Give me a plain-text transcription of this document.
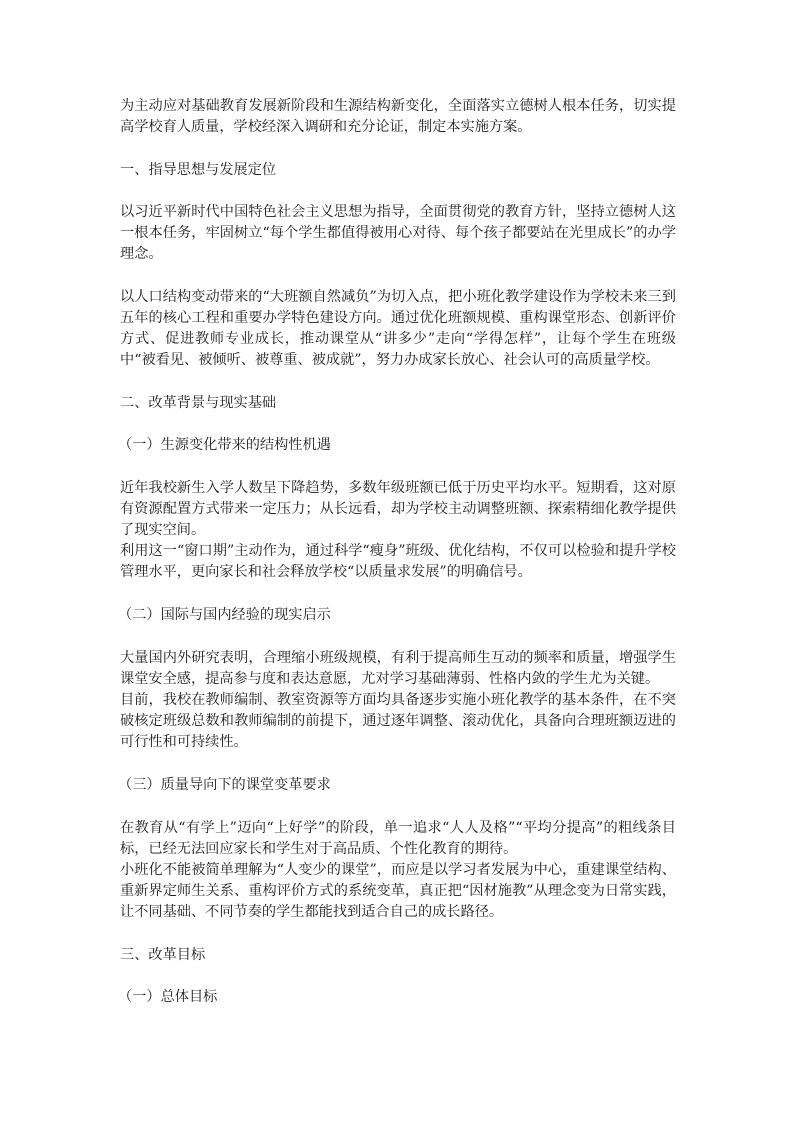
为主动应对基础教育发展新阶段和生源结构新变化，全面落实立德树人根本任务，切实提高学校育人质量，学校经深入调研和充分论证，制定本实施方案。

一、指导思想与发展定位

以习近平新时代中国特色社会主义思想为指导，全面贯彻党的教育方针，坚持立德树人这一根本任务，牢固树立“每个学生都值得被用心对待、每个孩子都要站在光里成长”的办学理念。

以人口结构变动带来的“大班额自然减负”为切入点，把小班化教学建设作为学校未来三到五年的核心工程和重要办学特色建设方向。通过优化班额规模、重构课堂形态、创新评价方式、促进教师专业成长，推动课堂从“讲多少”走向“学得怎样”，让每个学生在班级中“被看见、被倾听、被尊重、被成就”，努力办成家长放心、社会认可的高质量学校。

二、改革背景与现实基础

（一）生源变化带来的结构性机遇

近年我校新生入学人数呈下降趋势，多数年级班额已低于历史平均水平。短期看，这对原有资源配置方式带来一定压力；从长远看，却为学校主动调整班额、探索精细化教学提供了现实空间。
利用这一“窗口期”主动作为，通过科学“瘦身”班级、优化结构，不仅可以检验和提升学校管理水平，更向家长和社会释放学校“以质量求发展”的明确信号。

（二）国际与国内经验的现实启示

大量国内外研究表明，合理缩小班级规模，有利于提高师生互动的频率和质量，增强学生课堂安全感，提高参与度和表达意愿，尤对学习基础薄弱、性格内敛的学生尤为关键。
目前，我校在教师编制、教室资源等方面均具备逐步实施小班化教学的基本条件，在不突破核定班级总数和教师编制的前提下，通过逐年调整、滚动优化，具备向合理班额迈进的可行性和可持续性。

（三）质量导向下的课堂变革要求

在教育从“有学上”迈向“上好学”的阶段，单一追求“人人及格”“平均分提高”的粗线条目标，已经无法回应家长和学生对于高品质、个性化教育的期待。
小班化不能被简单理解为“人变少的课堂”，而应是以学习者发展为中心，重建课堂结构、重新界定师生关系、重构评价方式的系统变革，真正把“因材施教”从理念变为日常实践，让不同基础、不同节奏的学生都能找到适合自己的成长路径。

三、改革目标

（一）总体目标
